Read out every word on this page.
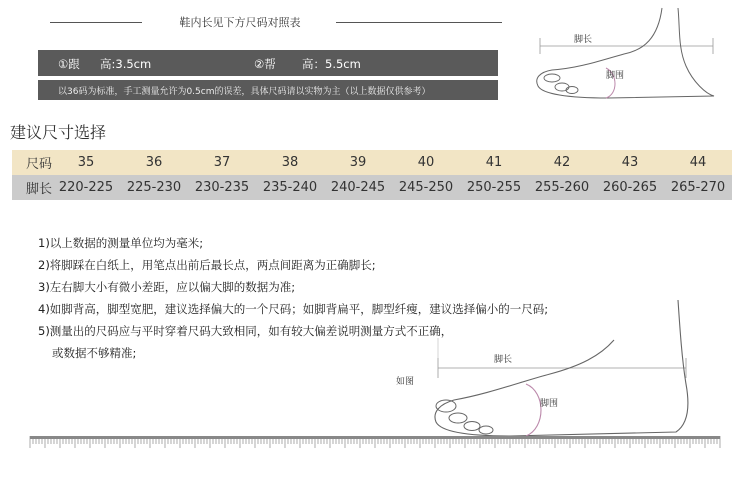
鞋内长见下方尺码对照表
①跟 高:3.5cm	②帮 高：5.5cm
以36码为标准，手工测量允许为0.5cm的误差，具体尺码请以实物为主（以上数据仅供参考）
脚长
脚围
建议尺寸选择
尺码	35	36	37	38	39	40	41	42	43	44
脚长 220-225	225-230	230-235	235-240	240-245	245-250	250-255	255-260	260-265	265-270
1)以上数据的测量单位均为毫米;
2)将脚踩在白纸上，用笔点出前后最长点，两点间距离为正确脚长;
3)左右脚大小有微小差距，应以偏大脚的数据为准;
4)如脚背高，脚型宽肥，建议选择偏大的一个尺码；如脚背扁平，脚型纤瘦，建议选择偏小的一尺码;
5)测量出的尺码应与平时穿着尺码大致相同，如有较大偏差说明测量方式不正确，
或数据不够精准;	脚长
如图
脚围
